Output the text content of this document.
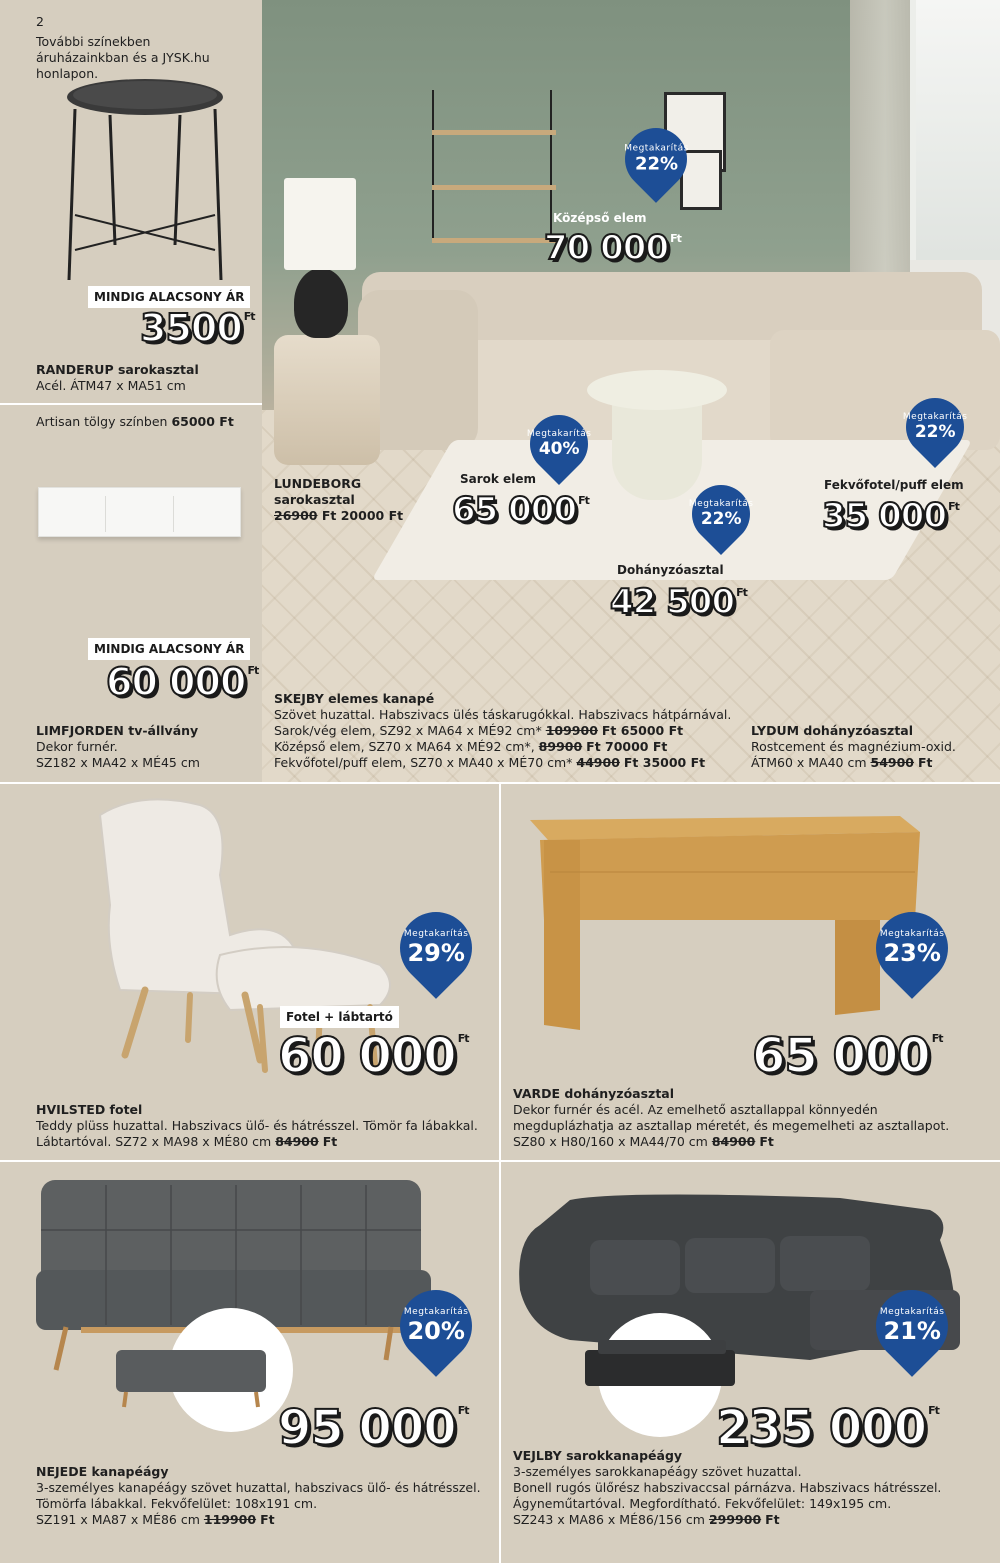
2
További színekben áruházainkban és a JYSK.hu honlapon.
MINDIG ALACSONY ÁR
3500 $^{Ft}$
RANDERUP sarokasztal
Acél. ÁTM47 x MA51 cm
Artisan tölgy színben 65000 Ft
MINDIG ALACSONY ÁR
60 000 $^{Ft}$
LIMFJORDEN tv-állvány
Dekor furnér.
SZ182 x MA42 x MÉ45 cm
Megtakarítás
22%
Középső elem
70 000 $^{Ft}$
LUNDEBORG
sarokasztal
26900 Ft 20000 Ft
Megtakarítás
40%
Sarok elem
65 000 $^{Ft}$	Megtakarítás
22%
Dohányzóasztal
42 500 $^{Ft}$
Megtakarítás
22%
Fekvőfotel/puff elem
35 000 $^{Ft}$
SKEJBY elemes kanapé
Szövet huzattal. Habszivacs ülés táskarugókkal. Habszivacs hátpárnával.
Sarok/vég elem, SZ92 x MA64 x MÉ92 cm* 109900 Ft 65000 Ft
Középső elem, SZ70 x MA64 x MÉ92 cm*, 89900 Ft 70000 Ft
Fekvőfotel/puff elem, SZ70 x MA40 x MÉ70 cm* 44900 Ft 35000 Ft
LYDUM dohányzóasztal
Rostcement és magnézium-oxid.
ÁTM60 x MA40 cm 54900 Ft
Megtakarítás
29%
Fotel + lábtartó
60 000 $^{Ft}$
HVILSTED fotel
Teddy plüss huzattal. Habszivacs ülő- és hátrésszel. Tömör fa lábakkal.
Lábtartóval. SZ72 x MA98 x MÉ80 cm 84900 Ft
Megtakarítás
23%
65 000 $^{Ft}$
VARDE dohányzóasztal
Dekor furnér és acél. Az emelhető asztallappal könnyedén
megduplázhatja az asztallap méretét, és megemelheti az asztallapot.
SZ80 x H80/160 x MA44/70 cm 84900 Ft
Megtakarítás
20%
95 000 $^{Ft}$
NEJEDE kanapéágy
3-személyes kanapéágy szövet huzattal, habszivacs ülő- és hátrésszel.
Tömörfa lábakkal. Fekvőfelület: 108x191 cm.
SZ191 x MA87 x MÉ86 cm 119900 Ft
Megtakarítás
21%
235 000 $^{Ft}$
VEJLBY sarokkanapéágy
3-személyes sarokkanapéágy szövet huzattal.
Bonell rugós ülőrész habszivaccsal párnázva. Habszivacs hátrésszel.
Ágyneműtartóval. Megfordítható. Fekvőfelület: 149x195 cm.
SZ243 x MA86 x MÉ86/156 cm 299900 Ft
